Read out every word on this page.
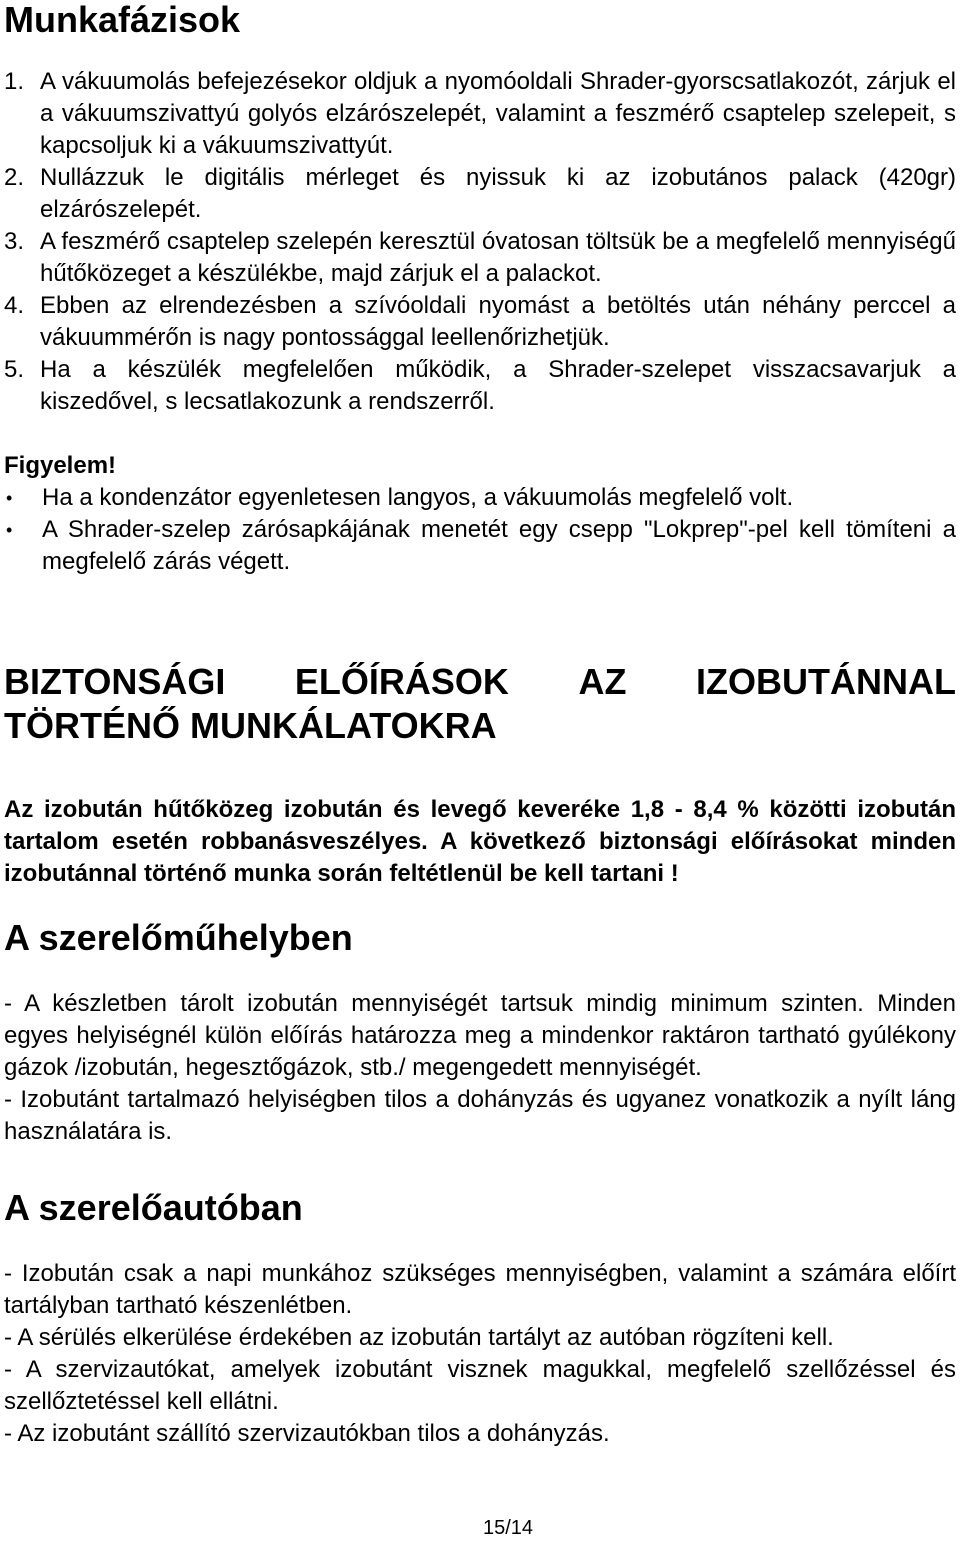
Munkafázisok
1. A vákuumolás befejezésekor oldjuk a nyomóoldali Shrader-gyorscsatlakozót, zárjuk el a vákuumszivattyú golyós elzárószelepét, valamint a feszmérő csaptelep szelepeit, s kapcsoljuk ki a vákuumszivattyút.
2. Nullázzuk le digitális mérleget és nyissuk ki az izobutános palack (420gr) elzárószelepét.
3. A feszmérő csaptelep szelepén keresztül óvatosan töltsük be a megfelelő mennyiségű hűtőközeget a készülékbe, majd zárjuk el a palackot.
4. Ebben az elrendezésben a szívóoldali nyomást a betöltés után néhány perccel a vákuummérőn is nagy pontossággal leellenőrizhetjük.
5. Ha a készülék megfelelően működik, a Shrader-szelepet visszacsavarjuk a kiszedővel, s lecsatlakozunk a rendszerről.
Figyelem!
•	Ha a kondenzátor egyenletesen langyos, a vákuumolás megfelelő volt.
•	A Shrader-szelep zárósapkájának menetét egy csepp "Lokprep"-pel kell tömíteni a megfelelő zárás végett.
BIZTONSÁGI ELŐÍRÁSOK AZ IZOBUTÁNNAL
TÖRTÉNŐ MUNKÁLATOKRA

Az izobután hűtőközeg izobután és levegő keveréke 1,8 - 8,4 % közötti izobután tartalom esetén robbanásveszélyes. A következő biztonsági előírásokat minden izobutánnal történő munka során feltétlenül be kell tartani !

A szerelőműhelyben

- A készletben tárolt izobután mennyiségét tartsuk mindig minimum szinten. Minden egyes helyiségnél külön előírás határozza meg a mindenkor raktáron tartható gyúlékony gázok /izobután, hegesztőgázok, stb./ megengedett mennyiségét.

- Izobutánt tartalmazó helyiségben tilos a dohányzás és ugyanez vonatkozik a nyílt láng használatára is.

A szerelőautóban

- Izobután csak a napi munkához szükséges mennyiségben, valamint a számára előírt tartályban tartható készenlétben.

- A sérülés elkerülése érdekében az izobután tartályt az autóban rögzíteni kell.

- A szervizautókat, amelyek izobutánt visznek magukkal, megfelelő szellőzéssel és szellőztetéssel kell ellátni.

- Az izobutánt szállító szervizautókban tilos a dohányzás.

15/14
